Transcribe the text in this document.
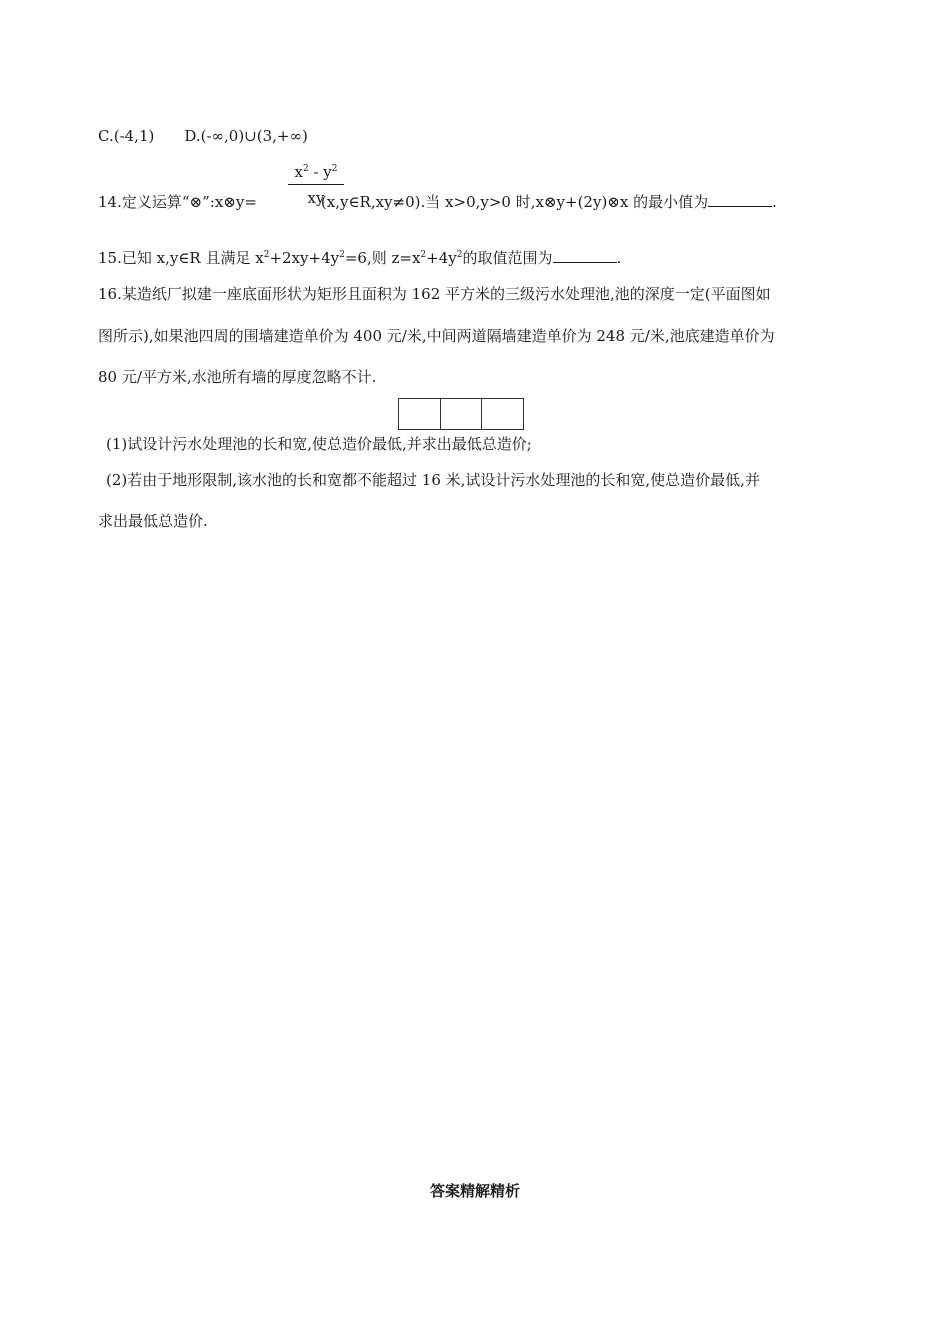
C.(-4,1) D.(-∞,0)∪(3,+∞)
$\frac{x^2 - y^2}{xy}$
14.定义运算“⊗”:x⊗y=	(x,y∈R,xy≠0).当 x>0,y>0 时,x⊗y+(2y)⊗x 的最小值为	.
15.已知 x,y∈R 且满足 $x^2+2xy+4y^2=6$,则 $z=x^2+4y^2$的取值范围为	.
16.某造纸厂拟建一座底面形状为矩形且面积为 162 平方米的三级污水处理池,池的深度一定(平面图如
图所示),如果池四周的围墙建造单价为 400 元/米,中间两道隔墙建造单价为 248 元/米,池底建造单价为
80 元/平方米,水池所有墙的厚度忽略不计.
(1)试设计污水处理池的长和宽,使总造价最低,并求出最低总造价;
(2)若由于地形限制,该水池的长和宽都不能超过 16 米,试设计污水处理池的长和宽,使总造价最低,并
求出最低总造价.
答案精解精析
